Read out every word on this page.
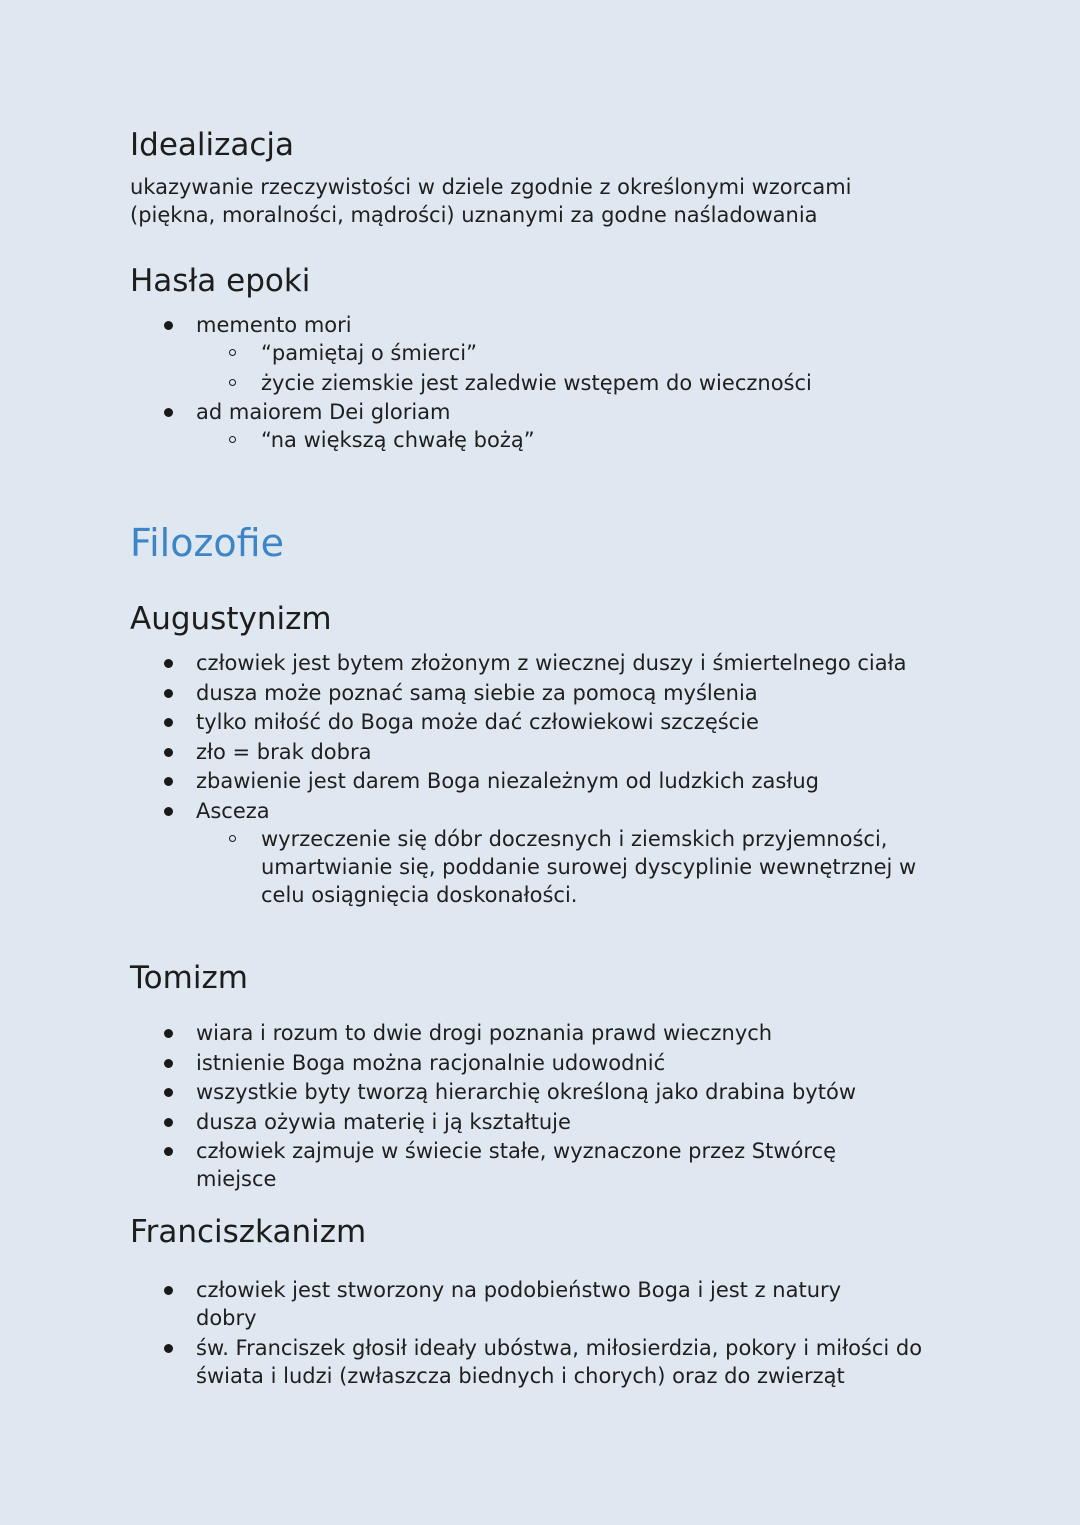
Idealizacja

ukazywanie rzeczywistości w dziele zgodnie z określonymi wzorcami (piękna, moralności, mądrości) uznanymi za godne naśladowania

Hasła epoki
memento mori
“pamiętaj o śmierci”
życie ziemskie jest zaledwie wstępem do wieczności
ad maiorem Dei gloriam
“na większą chwałę bożą”
Filozofie
Augustynizm
człowiek jest bytem złożonym z wiecznej duszy i śmiertelnego ciała
dusza może poznać samą siebie za pomocą myślenia
tylko miłość do Boga może dać człowiekowi szczęście
zło = brak dobra
zbawienie jest darem Boga niezależnym od ludzkich zasług
Asceza
wyrzeczenie się dóbr doczesnych i ziemskich przyjemności, umartwianie się, poddanie surowej dyscyplinie wewnętrznej w celu osiągnięcia doskonałości.
Tomizm
wiara i rozum to dwie drogi poznania prawd wiecznych
istnienie Boga można racjonalnie udowodnić
wszystkie byty tworzą hierarchię określoną jako drabina bytów
dusza ożywia materię i ją kształtuje
człowiek zajmuje w świecie stałe, wyznaczone przez Stwórcę miejsce
Franciszkanizm
człowiek jest stworzony na podobieństwo Boga i jest z natury dobry
św. Franciszek głosił ideały ubóstwa, miłosierdzia, pokory i miłości do świata i ludzi (zwłaszcza biednych i chorych) oraz do zwierząt
